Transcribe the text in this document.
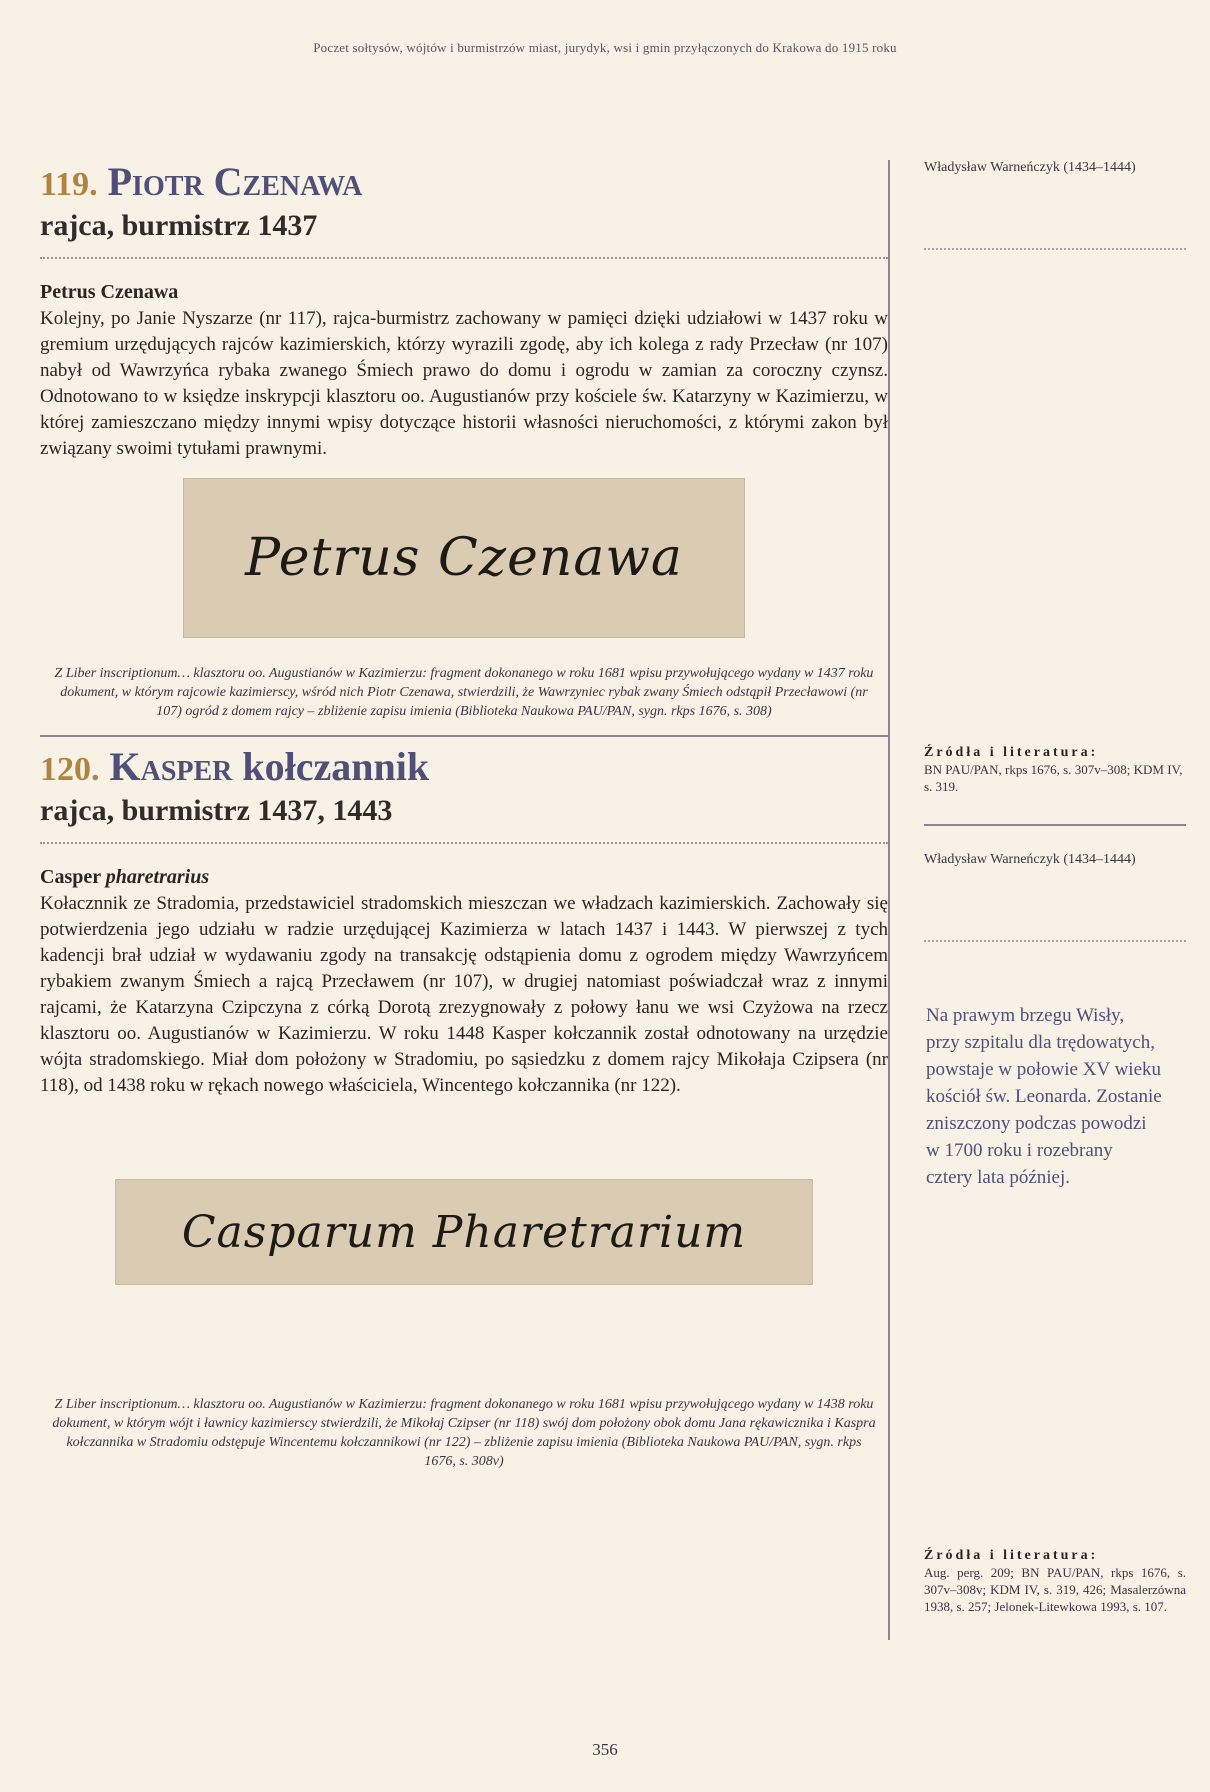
Poczet sołtysów, wójtów i burmistrzów miast, jurydyk, wsi i gmin przyłączonych do Krakowa do 1915 roku
119. Piotr Czenawa
rajca, burmistrz 1437
Petrus Czenawa

Kolejny, po Janie Nyszarze (nr 117), rajca-burmistrz zachowany w pamięci dzięki udziałowi w 1437 roku w gremium urzędujących rajców kazimierskich, którzy wyrazili zgodę, aby ich kolega z rady Przecław (nr 107) nabył od Wawrzyńca rybaka zwanego Śmiech prawo do domu i ogrodu w zamian za coroczny czynsz. Odnotowano to w księdze inskrypcji klasztoru oo. Augustianów przy kościele św. Katarzyny w Kazimierzu, w której zamieszczano między innymi wpisy dotyczące historii własności nieruchomości, z którymi zakon był związany swoimi tytułami prawnymi.

Petrus Czenawa

Z Liber inscriptionum… klasztoru oo. Augustianów w Kazimierzu: fragment dokonanego w roku 1681 wpisu przywołującego wydany w 1437 roku dokument, w którym rajcowie kazimierscy, wśród nich Piotr Czenawa, stwierdzili, że Wawrzyniec rybak zwany Śmiech odstąpił Przecławowi (nr 107) ogród z domem rajcy – zbliżenie zapisu imienia (Biblioteka Naukowa PAU/PAN, sygn. rkps 1676, s. 308)

120. Kasper kołczannik
rajca, burmistrz 1437, 1443
Casper pharetrarius

Kołacznnik ze Stradomia, przedstawiciel stradomskich mieszczan we władzach kazimierskich. Zachowały się potwierdzenia jego udziału w radzie urzędującej Kazimierza w latach 1437 i 1443. W pierwszej z tych kadencji brał udział w wydawaniu zgody na transakcję odstąpienia domu z ogrodem między Wawrzyńcem rybakiem zwanym Śmiech a rajcą Przecławem (nr 107), w drugiej natomiast poświadczał wraz z innymi rajcami, że Katarzyna Czipczyna z córką Dorotą zrezygnowały z połowy łanu we wsi Czyżowa na rzecz klasztoru oo. Augustianów w Kazimierzu. W roku 1448 Kasper kołczannik został odnotowany na urzędzie wójta stradomskiego. Miał dom położony w Stradomiu, po sąsiedzku z domem rajcy Mikołaja Czipsera (nr 118), od 1438 roku w rękach nowego właściciela, Wincentego kołczannika (nr 122).

Casparum Pharetrarium

Z Liber inscriptionum… klasztoru oo. Augustianów w Kazimierzu: fragment dokonanego w roku 1681 wpisu przywołującego wydany w 1438 roku dokument, w którym wójt i ławnicy kazimierscy stwierdzili, że Mikołaj Czipser (nr 118) swój dom położony obok domu Jana rękawicznika i Kaspra kołczannika w Stradomiu odstępuje Wincentemu kołczannikowi (nr 122) – zbliżenie zapisu imienia (Biblioteka Naukowa PAU/PAN, sygn. rkps 1676, s. 308v)

Władysław Warneńczyk (1434–1444)

Źródła i literatura:

BN PAU/PAN, rkps 1676, s. 307v–308; KDM IV, s. 319.

Władysław Warneńczyk (1434–1444)

Na prawym brzegu Wisły, przy szpitalu dla trędowatych, powstaje w połowie XV wieku kościół św. Leonarda. Zostanie zniszczony podczas powodzi w 1700 roku i rozebrany cztery lata później.

Źródła i literatura:

Aug. perg. 209; BN PAU/PAN, rkps 1676, s. 307v–308v; KDM IV, s. 319, 426; Masalerzówna 1938, s. 257; Jelonek-Litewkowa 1993, s. 107.

356
